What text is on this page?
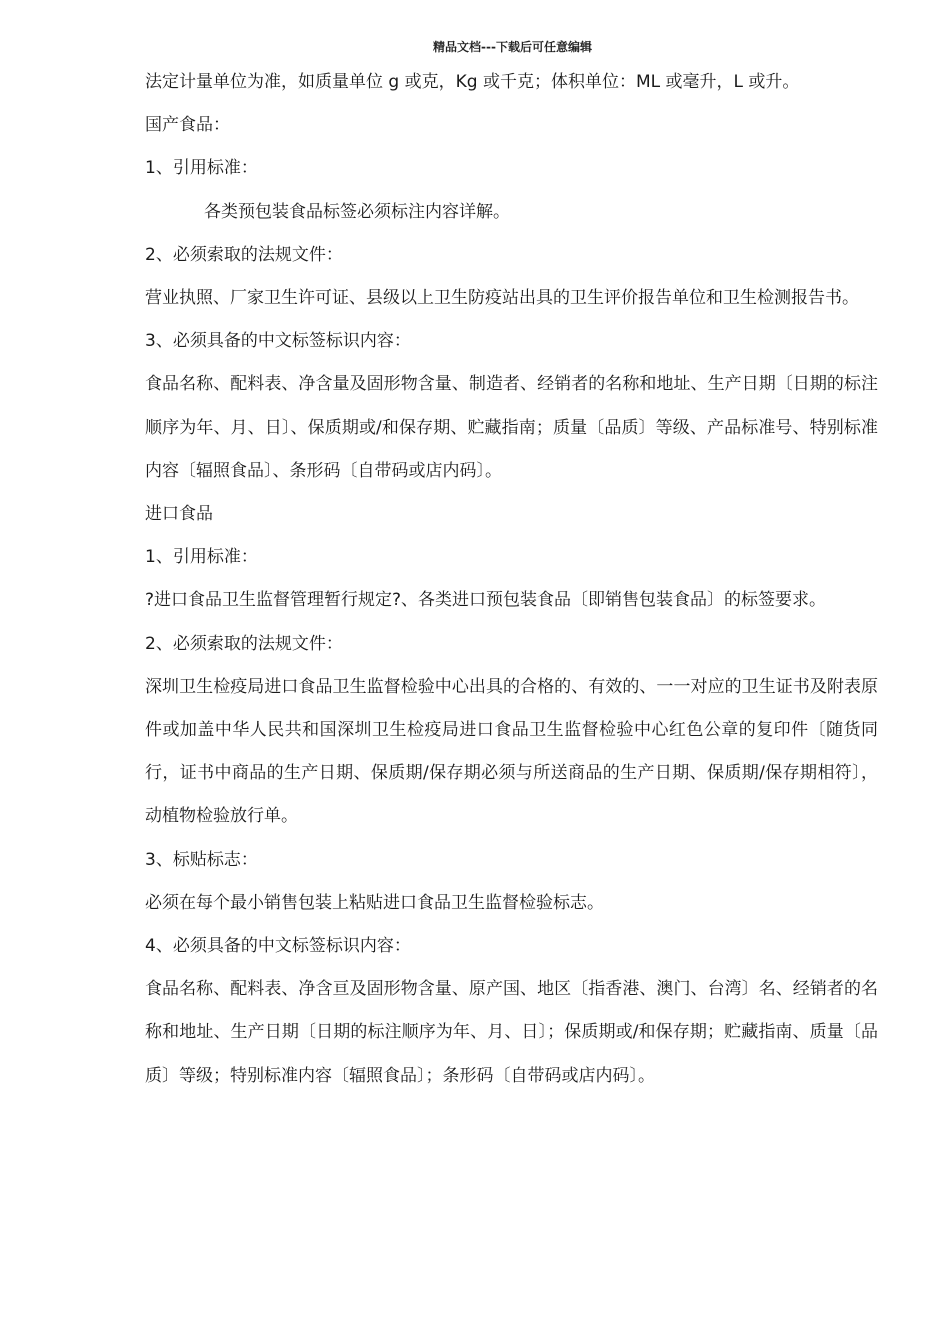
精品文档---下载后可任意编辑

法定计量单位为准，如质量单位 g 或克，Kg 或千克；体积单位：ML 或毫升，L 或升。

国产食品：

1、引用标准：

各类预包装食品标签必须标注内容详解。

2、必须索取的法规文件：

营业执照、厂家卫生许可证、县级以上卫生防疫站出具的卫生评价报告单位和卫生检测报告书。

3、必须具备的中文标签标识内容：

食品名称、配料表、净含量及固形物含量、制造者、经销者的名称和地址、生产日期〔日期的标注顺序为年、月、日〕、保质期或/和保存期、贮藏指南；质量〔品质〕等级、产品标准号、特别标准内容〔辐照食品〕、条形码〔自带码或店内码〕。

进口食品

1、引用标准：

?进口食品卫生监督管理暂行规定?、各类进口预包装食品〔即销售包装食品〕的标签要求。

2、必须索取的法规文件：

深圳卫生检疫局进口食品卫生监督检验中心出具的合格的、有效的、一一对应的卫生证书及附表原件或加盖中华人民共和国深圳卫生检疫局进口食品卫生监督检验中心红色公章的复印件〔随货同行，证书中商品的生产日期、保质期/保存期必须与所送商品的生产日期、保质期/保存期相符〕，动植物检验放行单。

3、标贴标志：

必须在每个最小销售包装上粘贴进口食品卫生监督检验标志。

4、必须具备的中文标签标识内容：

食品名称、配料表、净含亘及固形物含量、原产国、地区〔指香港、澳门、台湾〕名、经销者的名称和地址、生产日期〔日期的标注顺序为年、月、日〕；保质期或/和保存期；贮藏指南、质量〔品质〕等级；特别标准内容〔辐照食品〕；条形码〔自带码或店内码〕。
